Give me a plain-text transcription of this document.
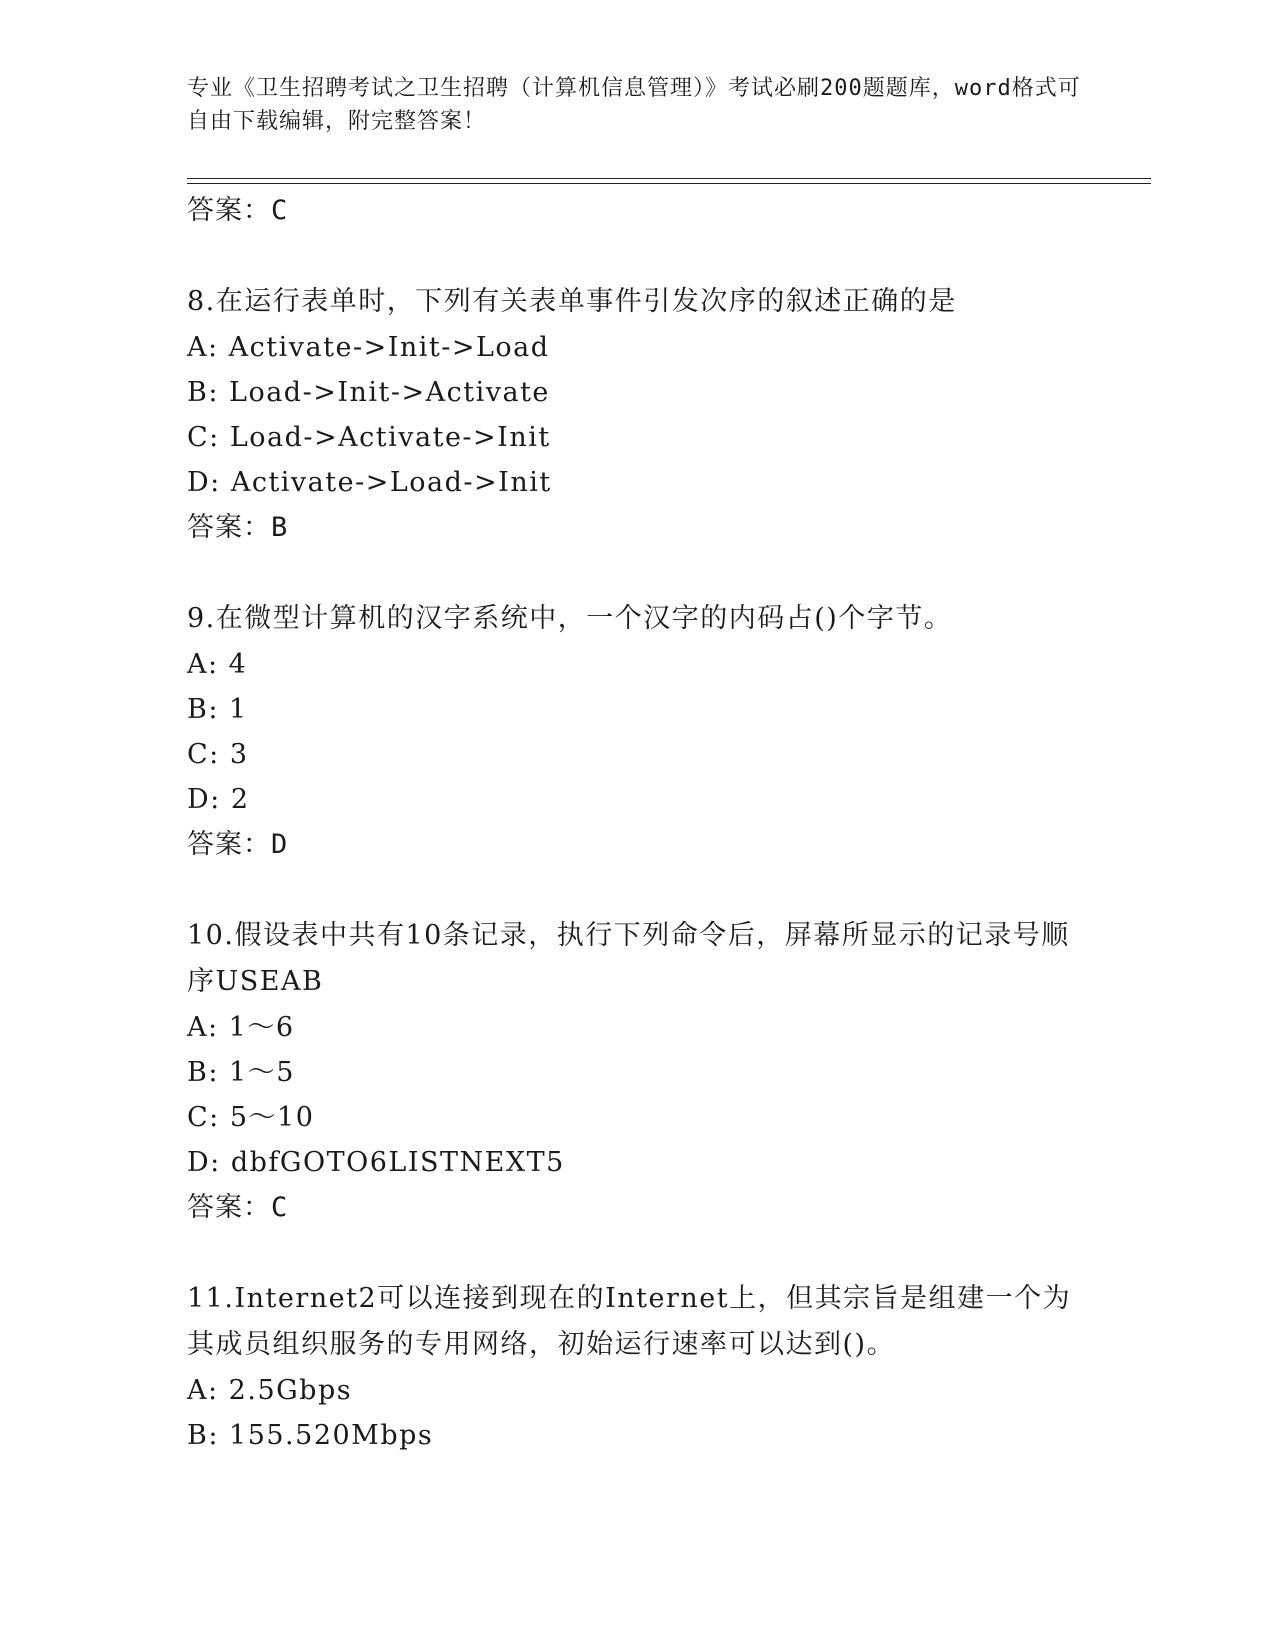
专业《卫生招聘考试之卫生招聘（计算机信息管理）》考试必刷200题题库，word格式可自由下载编辑，附完整答案！
答案：C
8.在运行表单时，下列有关表单事件引发次序的叙述正确的是
A: Activate->Init->Load
B: Load->Init->Activate
C: Load->Activate->Init
D: Activate->Load->Init
答案：B
9.在微型计算机的汉字系统中，一个汉字的内码占()个字节。
A: 4
B: 1
C: 3
D: 2
答案：D
10.假设表中共有10条记录，执行下列命令后，屏幕所显示的记录号顺序USEAB
A: 1～6
B: 1～5
C: 5～10
D: dbfGOTO6LISTNEXT5
答案：C
11.Internet2可以连接到现在的Internet上，但其宗旨是组建一个为其成员组织服务的专用网络，初始运行速率可以达到()。
A: 2.5Gbps
B: 155.520Mbps
